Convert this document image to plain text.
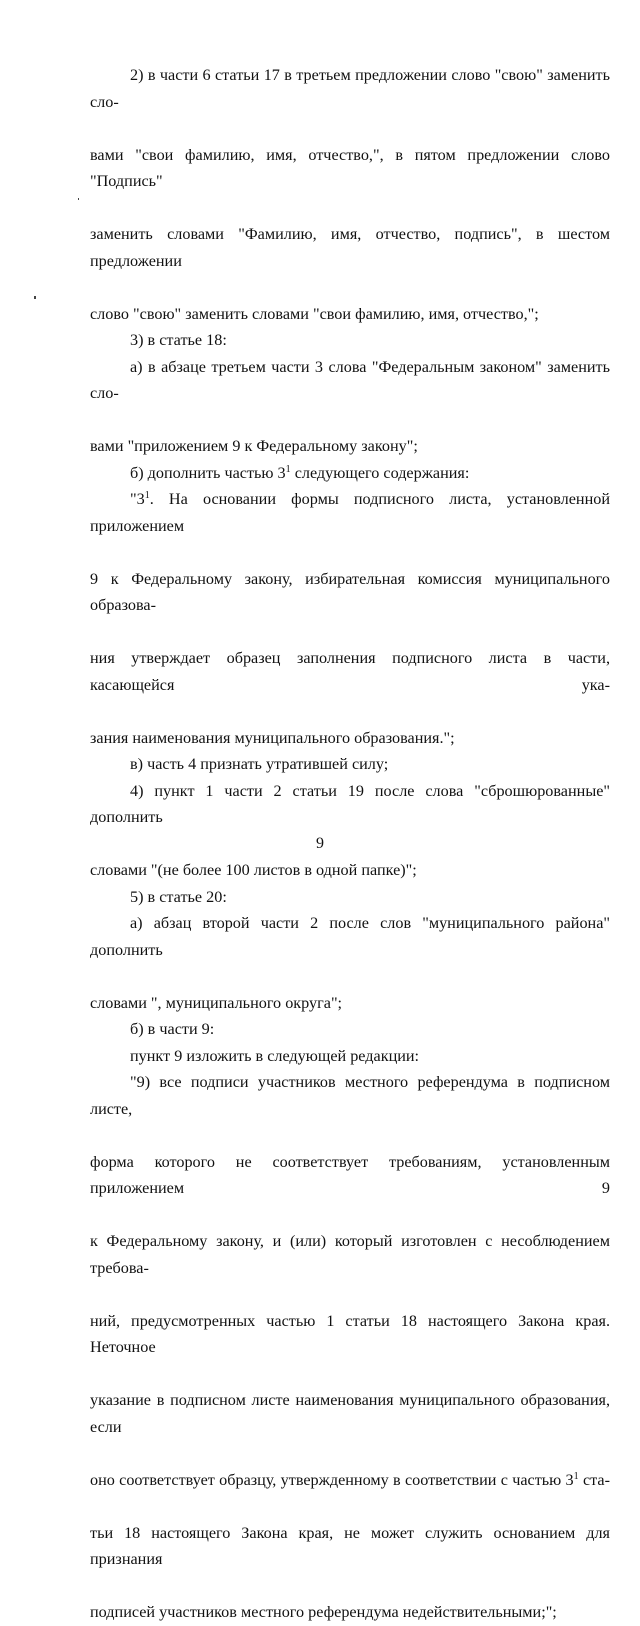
2) в части 6 статьи 17 в третьем предложении слово "свою" заменить сло-  вами "свои фамилию, имя, отчество,", в пятом предложении слово "Подпись"  заменить словами "Фамилию, имя, отчество, подпись", в шестом предложении  слово "свою" заменить словами "свои фамилию, имя, отчество,";

3) в статье 18:

а) в абзаце третьем части 3 слова "Федеральным законом" заменить сло-  вами "приложением 9 к Федеральному закону";

б) дополнить частью $3^1$ следующего содержания:

"$3^1$. На основании формы подписного листа, установленной приложением  9 к Федеральному закону, избирательная комиссия муниципального образова-  ния утверждает образец заполнения подписного листа в части, касающейся ука-  зания наименования муниципального образования.";

в) часть 4 признать утратившей силу;

4) пункт 1 части 2 статьи 19 после слова "сброшюрованные" дополнить  словами "(не более 100 листов в одной папке)";

5) в статье 20:

а) абзац второй части 2 после слов "муниципального района" дополнить  словами ", муниципального округа";

б) в части 9:

пункт 9 изложить в следующей редакции:

"9) все подписи участников местного референдума в подписном листе,  форма которого не соответствует требованиям, установленным приложением 9  к Федеральному закону, и (или) который изготовлен с несоблюдением требова-  ний, предусмотренных частью 1 статьи 18 настоящего Закона края. Неточное  указание в подписном листе наименования муниципального образования, если  оно соответствует образцу, утвержденному в соответствии с частью $3^1$ ста-  тьи 18 настоящего Закона края, не может служить основанием для признания  подписей участников местного референдума недействительными;";

9
